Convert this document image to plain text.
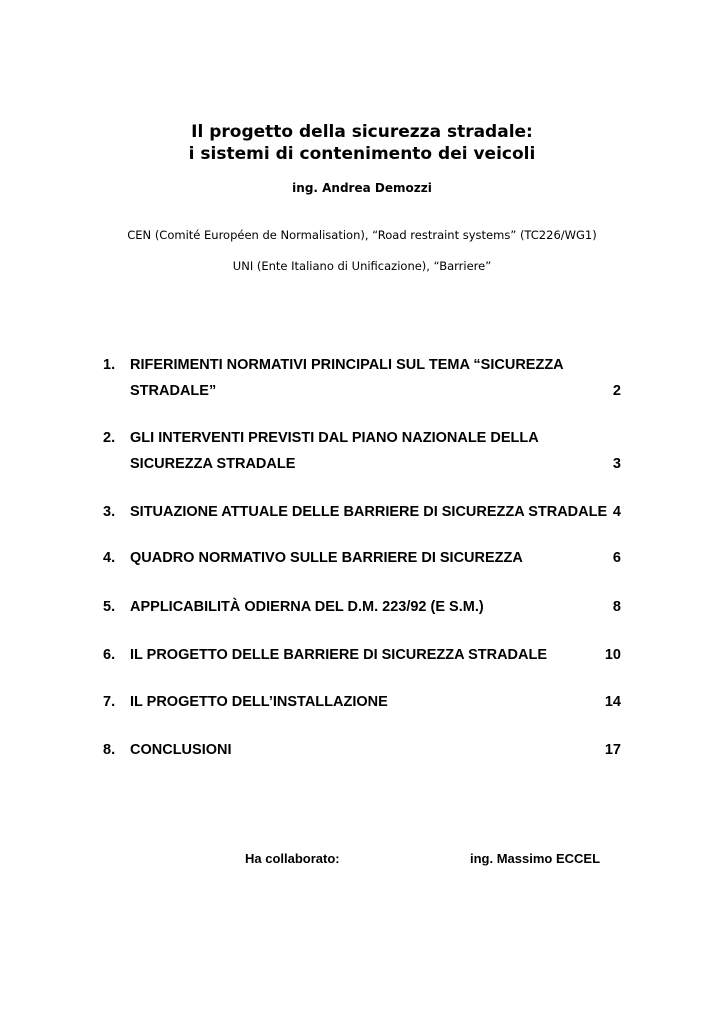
Il progetto della sicurezza stradale:
i sistemi di contenimento dei veicoli
ing. Andrea Demozzi
CEN (Comité Européen de Normalisation), “Road restraint systems” (TC226/WG1)
UNI (Ente Italiano di Unificazione), “Barriere”
1. RIFERIMENTI NORMATIVI PRINCIPALI SUL TEMA “SICUREZZA
STRADALE”	2
2. GLI INTERVENTI PREVISTI DAL PIANO NAZIONALE DELLA
SICUREZZA STRADALE	3
3. SITUAZIONE ATTUALE DELLE BARRIERE DI SICUREZZA STRADALE 4
4. QUADRO NORMATIVO SULLE BARRIERE DI SICUREZZA	6
5. APPLICABILITÀ ODIERNA DEL D.M. 223/92 (E S.M.)	8
6. IL PROGETTO DELLE BARRIERE DI SICUREZZA STRADALE	10
7. IL PROGETTO DELL’INSTALLAZIONE	14
8. CONCLUSIONI	17
Ha collaborato:	ing. Massimo ECCEL
